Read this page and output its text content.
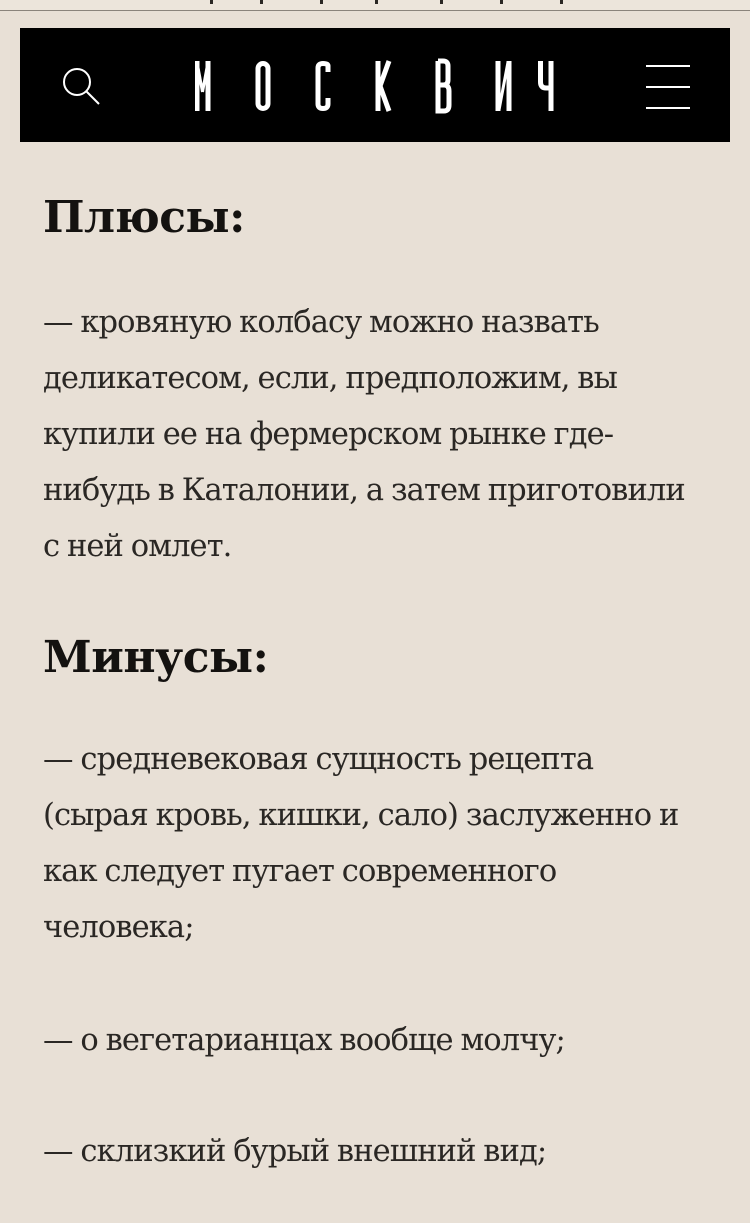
Плюсы:

— кровяную колбасу можно назвать деликатесом, если, предположим, вы купили ее на фермерском рынке где-нибудь в Каталонии, а затем приготовили с ней омлет.

Минусы:

— средневековая сущность рецепта (сырая кровь, кишки, сало) заслуженно и как следует пугает современного человека;

— о вегетарианцах вообще молчу;

— склизкий бурый внешний вид;
